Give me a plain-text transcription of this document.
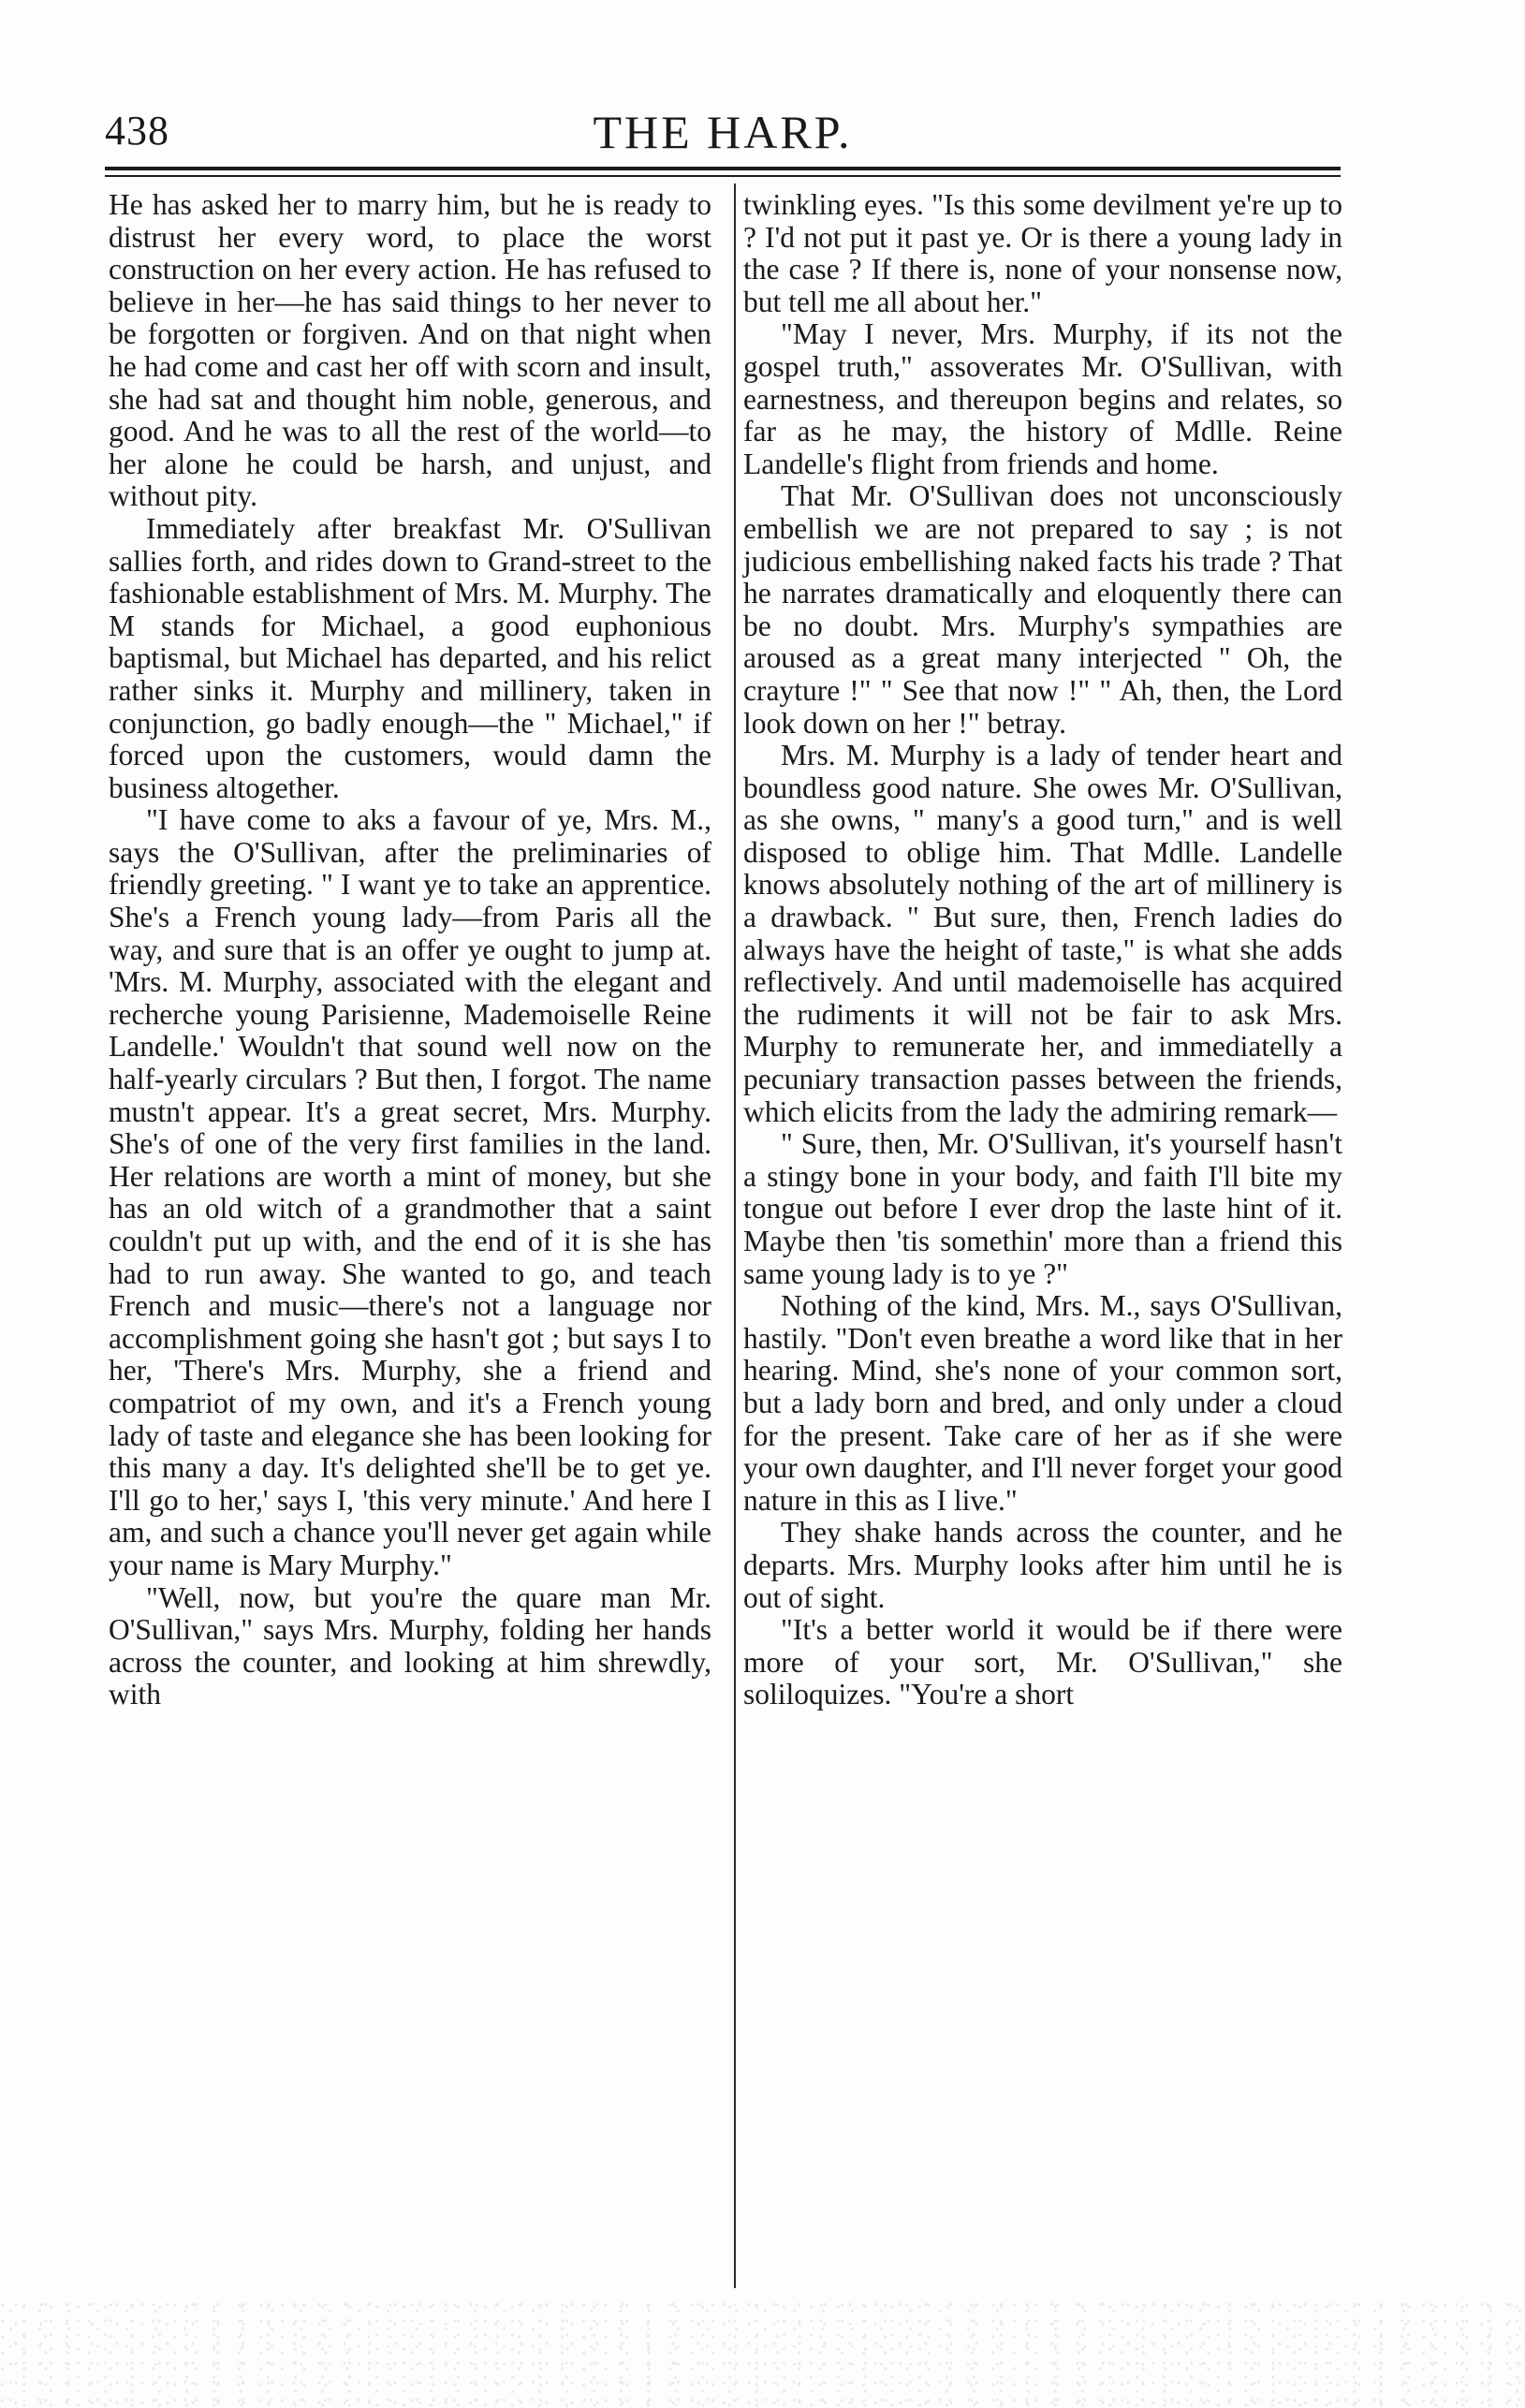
438	THE HARP.

He has asked her to marry him, but he is ready to distrust her every word, to place the worst construction on her every action. He has refused to believe in her—he has said things to her never to be forgotten or forgiven. And on that night when he had come and cast her off with scorn and insult, she had sat and thought him noble, generous, and good. And he was to all the rest of the world—to her alone he could be harsh, and unjust, and without pity.

Immediately after breakfast Mr. O'Sullivan sallies forth, and rides down to Grand-street to the fashionable establishment of Mrs. M. Murphy. The M stands for Michael, a good euphonious baptismal, but Michael has departed, and his relict rather sinks it. Murphy and millinery, taken in conjunction, go badly enough—the " Michael," if forced upon the customers, would damn the business altogether.

"I have come to aks a favour of ye, Mrs. M., says the O'Sullivan, after the preliminaries of friendly greeting. " I want ye to take an apprentice. She's a French young lady—from Paris all the way, and sure that is an offer ye ought to jump at. 'Mrs. M. Murphy, associated with the elegant and recherche young Parisienne, Mademoiselle Reine Landelle.' Wouldn't that sound well now on the half-yearly circulars ? But then, I forgot. The name mustn't appear. It's a great secret, Mrs. Murphy. She's of one of the very first families in the land. Her relations are worth a mint of money, but she has an old witch of a grandmother that a saint couldn't put up with, and the end of it is she has had to run away. She wanted to go, and teach French and music—there's not a language nor accomplishment going she hasn't got ; but says I to her, 'There's Mrs. Murphy, she a friend and compatriot of my own, and it's a French young lady of taste and elegance she has been looking for this many a day. It's delighted she'll be to get ye. I'll go to her,' says I, 'this very minute.' And here I am, and such a chance you'll never get again while your name is Mary Murphy."

"Well, now, but you're the quare man Mr. O'Sullivan," says Mrs. Murphy, folding her hands across the counter, and looking at him shrewdly, with

twinkling eyes. "Is this some devilment ye're up to ? I'd not put it past ye. Or is there a young lady in the case ? If there is, none of your nonsense now, but tell me all about her."

"May I never, Mrs. Murphy, if its not the gospel truth," assoverates Mr. O'Sullivan, with earnestness, and thereupon begins and relates, so far as he may, the history of Mdlle. Reine Landelle's flight from friends and home.

That Mr. O'Sullivan does not unconsciously embellish we are not prepared to say ; is not judicious embellishing naked facts his trade ? That he narrates dramatically and eloquently there can be no doubt. Mrs. Murphy's sympathies are aroused as a great many interjected " Oh, the crayture !" " See that now !" " Ah, then, the Lord look down on her !" betray.

Mrs. M. Murphy is a lady of tender heart and boundless good nature. She owes Mr. O'Sullivan, as she owns, " many's a good turn," and is well disposed to oblige him. That Mdlle. Landelle knows absolutely nothing of the art of millinery is a drawback. " But sure, then, French ladies do always have the height of taste," is what she adds reflectively. And until mademoiselle has acquired the rudiments it will not be fair to ask Mrs. Murphy to remunerate her, and immediatelly a pecuniary transaction passes between the friends, which elicits from the lady the admiring remark—

" Sure, then, Mr. O'Sullivan, it's yourself hasn't a stingy bone in your body, and faith I'll bite my tongue out before I ever drop the laste hint of it. Maybe then 'tis somethin' more than a friend this same young lady is to ye ?"

Nothing of the kind, Mrs. M., says O'Sullivan, hastily. "Don't even breathe a word like that in her hearing. Mind, she's none of your common sort, but a lady born and bred, and only under a cloud for the present. Take care of her as if she were your own daughter, and I'll never forget your good nature in this as I live."

They shake hands across the counter, and he departs. Mrs. Murphy looks after him until he is out of sight.

"It's a better world it would be if there were more of your sort, Mr. O'Sullivan," she soliloquizes. "You're a short
